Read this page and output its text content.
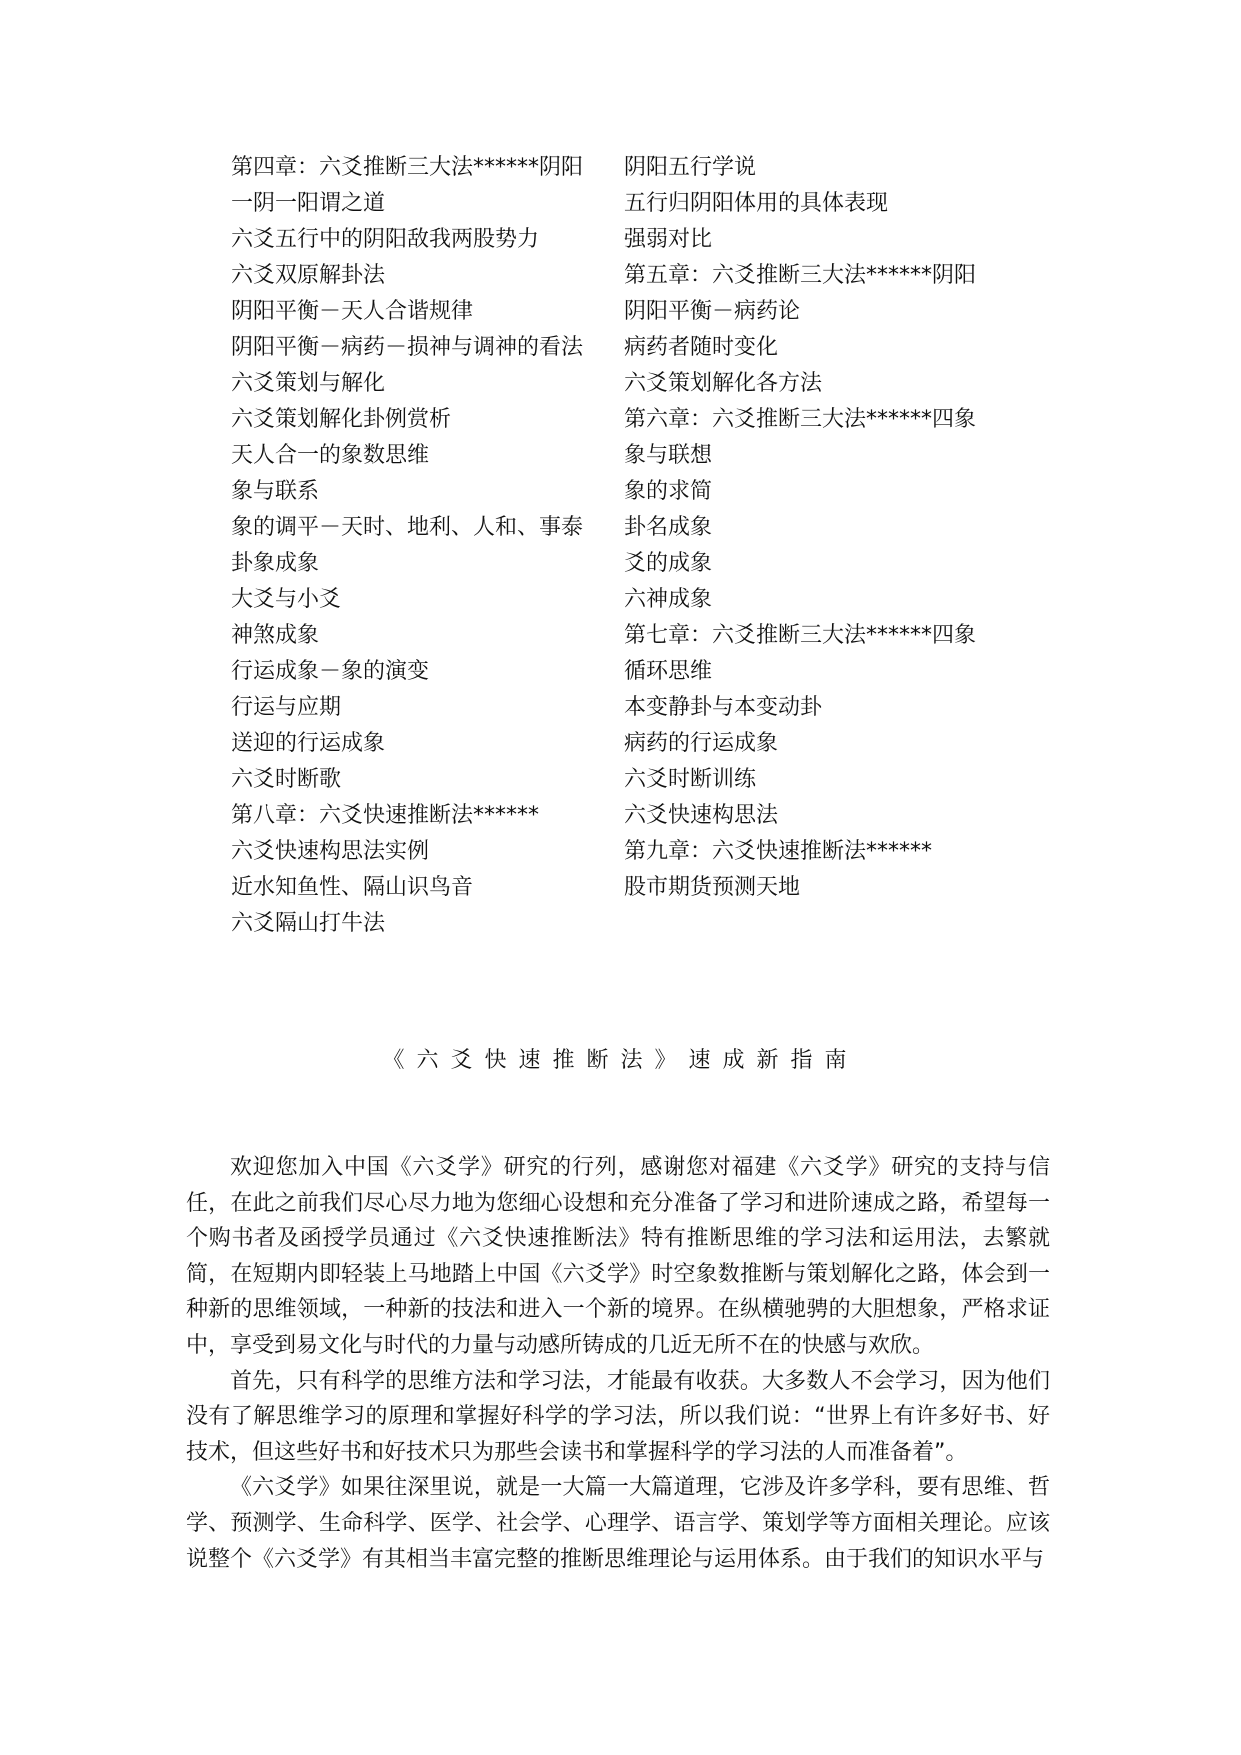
第四章：六爻推断三大法******阴阳
一阴一阳谓之道
六爻五行中的阴阳敌我两股势力
六爻双原解卦法
阴阳平衡－天人合谐规律
阴阳平衡－病药－损神与调神的看法
六爻策划与解化
六爻策划解化卦例赏析
天人合一的象数思维
象与联系
象的调平－天时、地利、人和、事泰
卦象成象
大爻与小爻
神煞成象
行运成象－象的演变
行运与应期
送迎的行运成象
六爻时断歌
第八章：六爻快速推断法******
六爻快速构思法实例
近水知鱼性、隔山识鸟音
六爻隔山打牛法
阴阳五行学说
五行归阴阳体用的具体表现
强弱对比
第五章：六爻推断三大法******阴阳
阴阳平衡－病药论
病药者随时变化
六爻策划解化各方法
第六章：六爻推断三大法******四象
象与联想
象的求简
卦名成象
爻的成象
六神成象
第七章：六爻推断三大法******四象
循环思维
本变静卦与本变动卦
病药的行运成象
六爻时断训练
六爻快速构思法
第九章：六爻快速推断法******
股市期货预测天地
《六爻快速推断法》速成新指南

欢迎您加入中国《六爻学》研究的行列，感谢您对福建《六爻学》研究的支持与信任，在此之前我们尽心尽力地为您细心设想和充分准备了学习和进阶速成之路，希望每一个购书者及函授学员通过《六爻快速推断法》特有推断思维的学习法和运用法，去繁就简，在短期内即轻装上马地踏上中国《六爻学》时空象数推断与策划解化之路，体会到一种新的思维领域，一种新的技法和进入一个新的境界。在纵横驰骋的大胆想象，严格求证中，享受到易文化与时代的力量与动感所铸成的几近无所不在的快感与欢欣。

首先，只有科学的思维方法和学习法，才能最有收获。大多数人不会学习，因为他们没有了解思维学习的原理和掌握好科学的学习法，所以我们说：“世界上有许多好书、好技术，但这些好书和好技术只为那些会读书和掌握科学的学习法的人而准备着”。

《六爻学》如果往深里说，就是一大篇一大篇道理，它涉及许多学科，要有思维、哲学、预测学、生命科学、医学、社会学、心理学、语言学、策划学等方面相关理论。应该说整个《六爻学》有其相当丰富完整的推断思维理论与运用体系。由于我们的知识水平与
